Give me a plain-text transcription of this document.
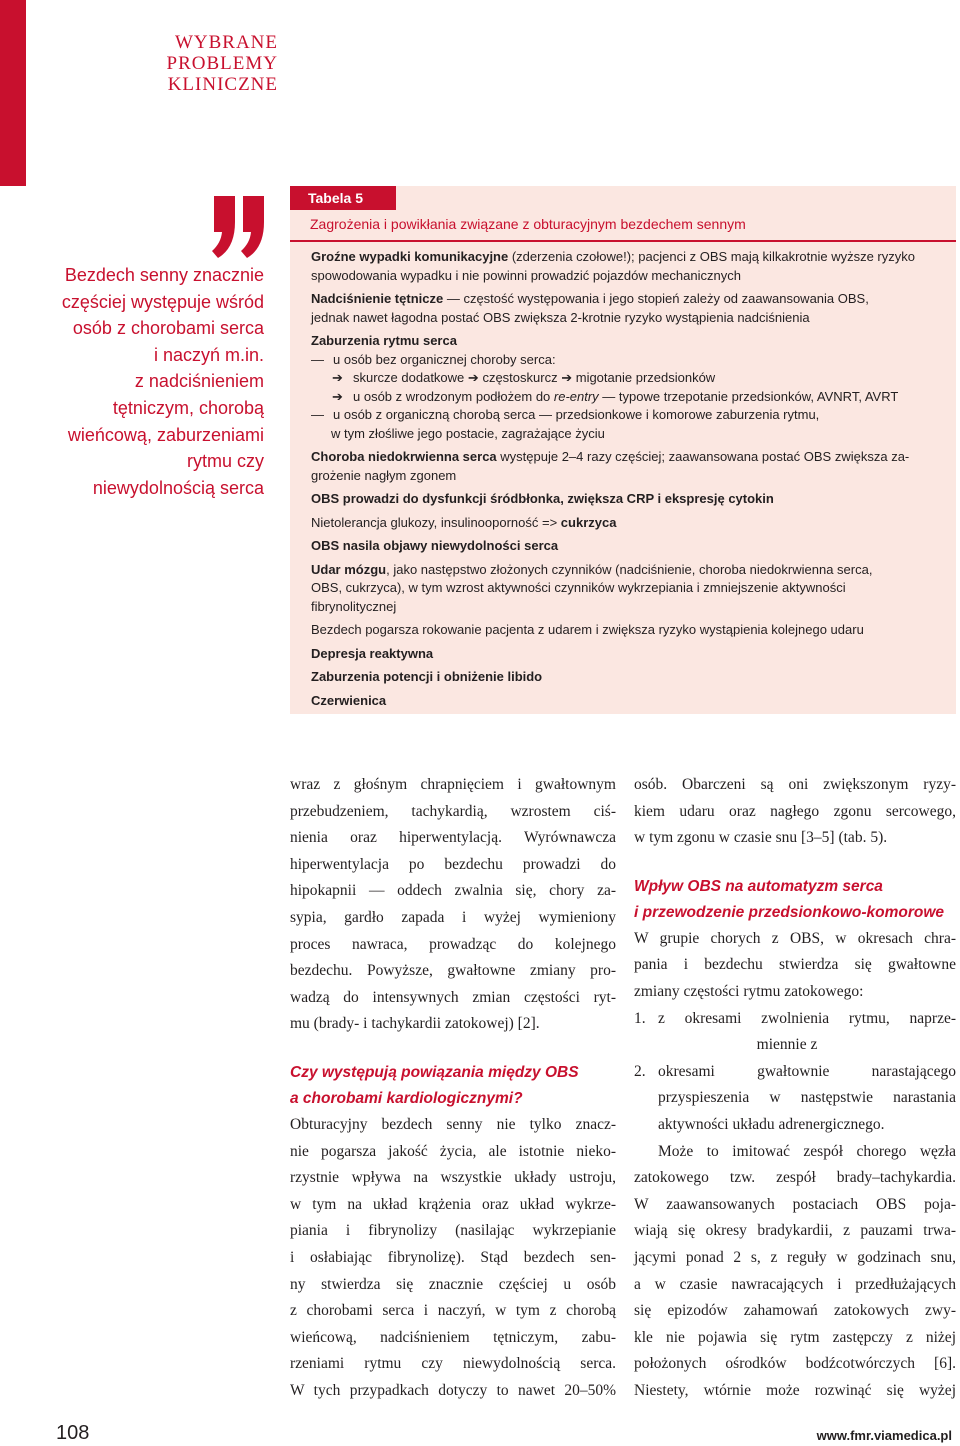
WYBRANE
PROBLEMY
KLINICZNE
Bezdech senny znacznie
częściej występuje wśród
osób z chorobami serca
i naczyń m.in.
z nadciśnieniem
tętniczym, chorobą
wieńcową, zaburzeniami
rytmu czy
niewydolnością serca
Tabela 5
Zagrożenia i powikłania związane z obturacyjnym bezdechem sennym
Groźne wypadki komunikacyjne (zderzenia czołowe!); pacjenci z OBS mają kilkakrotnie wyższe ryzyko
spowodowania wypadku i nie powinni prowadzić pojazdów mechanicznych
Nadciśnienie tętnicze — częstość występowania i jego stopień zależy od zaawansowania OBS,
jednak nawet łagodna postać OBS zwiększa 2-krotnie ryzyko wystąpienia nadciśnienia
Zaburzenia rytmu serca
— u osób bez organicznej choroby serca:
➔ skurcze dodatkowe ➔ częstoskurcz ➔ migotanie przedsionków
➔ u osób z wrodzonym podłożem do re-entry — typowe trzepotanie przedsionków, AVNRT, AVRT
— u osób z organiczną chorobą serca — przedsionkowe i komorowe zaburzenia rytmu,
w tym złośliwe jego postacie, zagrażające życiu
Choroba niedokrwienna serca występuje 2–4 razy częściej; zaawansowana postać OBS zwiększa za-
grożenie nagłym zgonem
OBS prowadzi do dysfunkcji śródbłonka, zwiększa CRP i ekspresję cytokin
Nietolerancja glukozy, insulinooporność => cukrzyca
OBS nasila objawy niewydolności serca
Udar mózgu, jako następstwo złożonych czynników (nadciśnienie, choroba niedokrwienna serca,
OBS, cukrzyca), w tym wzrost aktywności czynników wykrzepiania i zmniejszenie aktywności
fibrynolitycznej
Bezdech pogarsza rokowanie pacjenta z udarem i zwiększa ryzyko wystąpienia kolejnego udaru
Depresja reaktywna
Zaburzenia potencji i obniżenie libido
Czerwienica
wraz z głośnym chrapnięciem i gwałtownym
przebudzeniem, tachykardią, wzrostem ciś-
nienia oraz hiperwentylacją. Wyrównawcza
hiperwentylacja po bezdechu prowadzi do
hipokapnii — oddech zwalnia się, chory za-
sypia, gardło zapada i wyżej wymieniony
proces nawraca, prowadząc do kolejnego
bezdechu. Powyższe, gwałtowne zmiany pro-
wadzą do intensywnych zmian częstości ryt-
mu (brady- i tachykardii zatokowej) [2].
Czy występują powiązania między OBS
a chorobami kardiologicznymi?
Obturacyjny bezdech senny nie tylko znacz-
nie pogarsza jakość życia, ale istotnie nieko-
rzystnie wpływa na wszystkie układy ustroju,
w tym na układ krążenia oraz układ wykrze-
piania i fibrynolizy (nasilając wykrzepianie
i osłabiając fibrynolizę). Stąd bezdech sen-
ny stwierdza się znacznie częściej u osób
z chorobami serca i naczyń, w tym z chorobą
wieńcową, nadciśnieniem tętniczym, zabu-
rzeniami rytmu czy niewydolnością serca.
W tych przypadkach dotyczy to nawet 20–50%
osób. Obarczeni są oni zwiększonym ryzy-
kiem udaru oraz nagłego zgonu sercowego,
w tym zgonu w czasie snu [3–5] (tab. 5).
Wpływ OBS na automatyzm serca
i przewodzenie przedsionkowo-komorowe
W grupie chorych z OBS, w okresach chra-
pania i bezdechu stwierdza się gwałtowne
zmiany częstości rytmu zatokowego:
1. z okresami zwolnienia rytmu, naprze-
miennie z
2. okresami gwałtownie narastającego
przyspieszenia w następstwie narastania
aktywności układu adrenergicznego.
Może to imitować zespół chorego węzła
zatokowego tzw. zespół brady–tachykardia.
W zaawansowanych postaciach OBS poja-
wiają się okresy bradykardii, z pauzami trwa-
jącymi ponad 2 s, z reguły w godzinach snu,
a w czasie nawracających i przedłużających
się epizodów zahamowań zatokowych zwy-
kle nie pojawia się rytm zastępczy z niżej
położonych ośrodków bodźcotwórczych [6].
Niestety, wtórnie może rozwinąć się wyżej
108	www.fmr.viamedica.pl
